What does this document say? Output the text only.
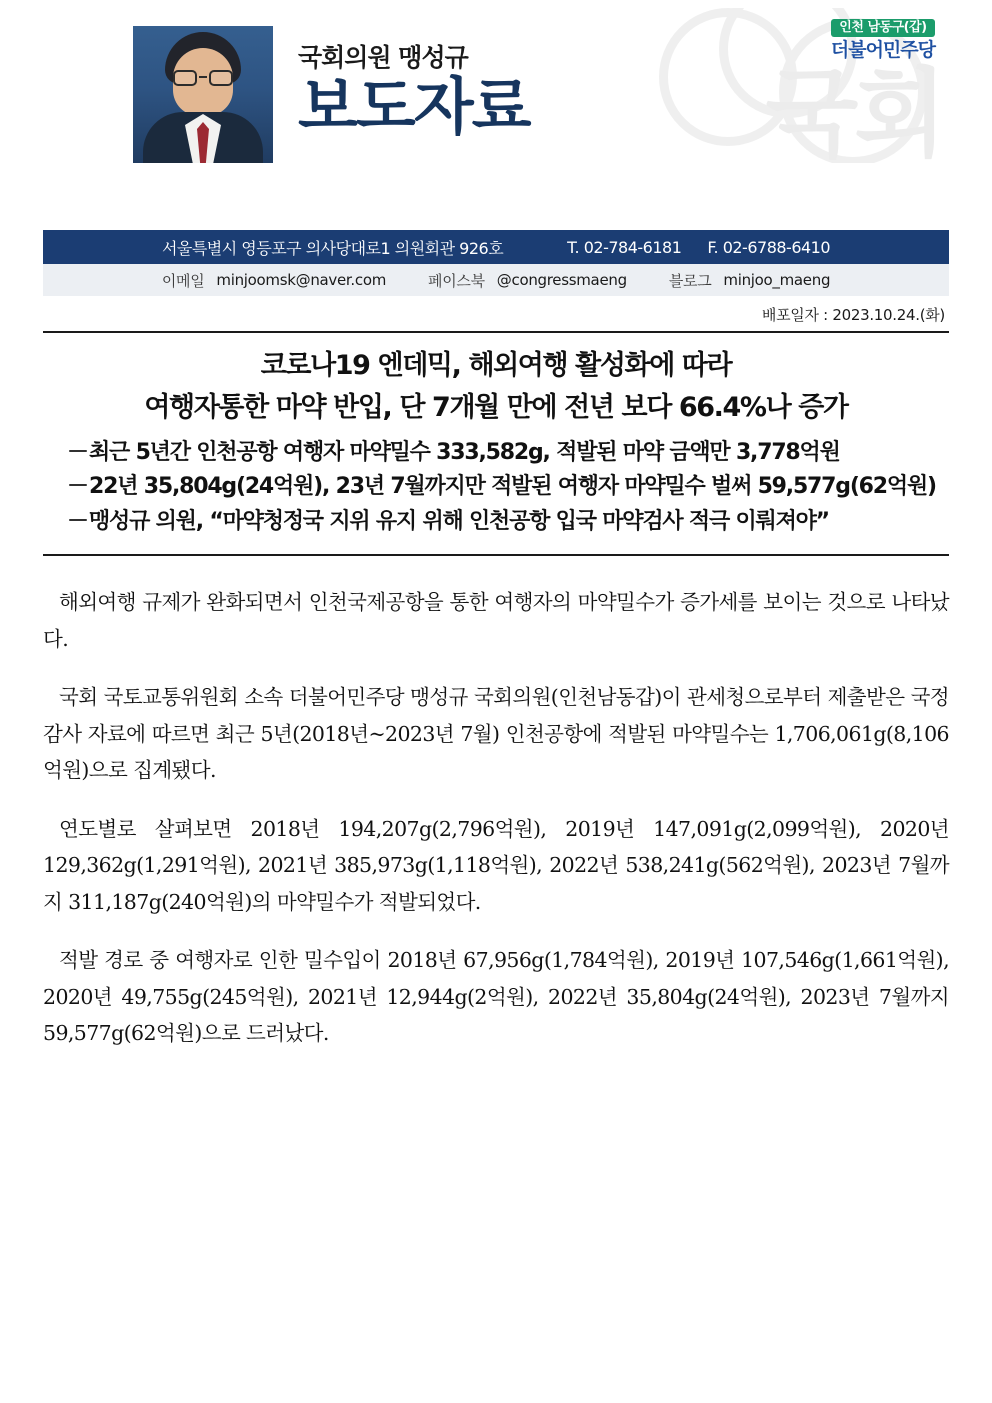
국회
국회의원 맹성규
보도자료
인천 남동구(갑)
더불어민주당
서울특별시 영등포구 의사당대로1 의원회관 926호	T. 02-784-6181 F. 02-6788-6410
이메일 minjoomsk@naver.com	페이스북 @congressmaeng	블로그 minjoo_maeng
배포일자 : 2023.10.24.(화)
코로나19 엔데믹, 해외여행 활성화에 따라
여행자통한 마약 반입, 단 7개월 만에 전년 보다 66.4%나 증가
－ 최근 5년간 인천공항 여행자 마약밀수 333,582g, 적발된 마약 금액만 3,778억원
－ 22년 35,804g(24억원), 23년 7월까지만 적발된 여행자 마약밀수 벌써 59,577g(62억원)
－ 맹성규 의원, “마약청정국 지위 유지 위해 인천공항 입국 마약검사 적극 이뤄져야”

해외여행 규제가 완화되면서 인천국제공항을 통한 여행자의 마약밀수가 증가세를 보이는 것으로 나타났다.

국회 국토교통위원회 소속 더불어민주당 맹성규 국회의원(인천남동갑)이 관세청으로부터 제출받은 국정감사 자료에 따르면 최근 5년(2018년~2023년 7월) 인천공항에 적발된 마약밀수는 1,706,061g(8,106억원)으로 집계됐다.

연도별로 살펴보면 2018년 194,207g(2,796억원), 2019년 147,091g(2,099억원), 2020년 129,362g(1,291억원), 2021년 385,973g(1,118억원), 2022년 538,241g(562억원), 2023년 7월까지 311,187g(240억원)의 마약밀수가 적발되었다.

적발 경로 중 여행자로 인한 밀수입이 2018년 67,956g(1,784억원), 2019년 107,546g(1,661억원), 2020년 49,755g(245억원), 2021년 12,944g(2억원), 2022년 35,804g(24억원), 2023년 7월까지 59,577g(62억원)으로 드러났다.
